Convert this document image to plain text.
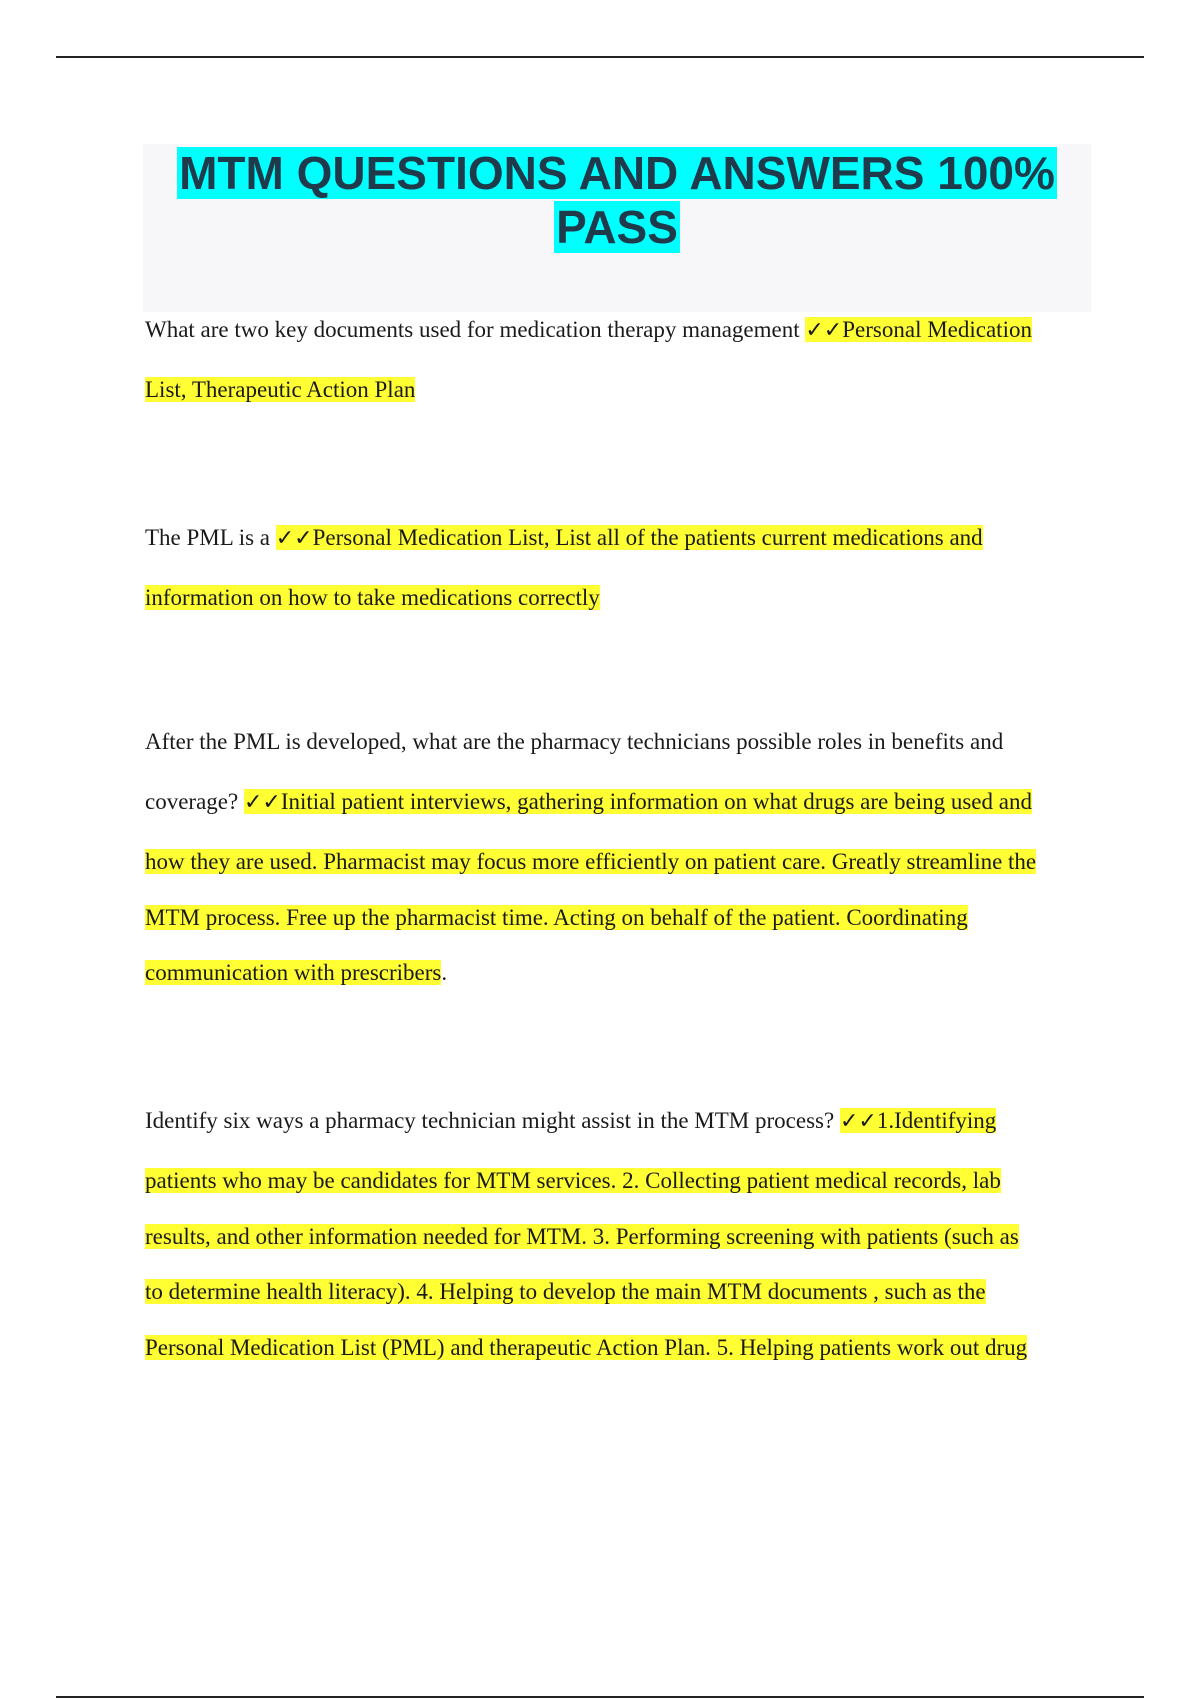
MTM QUESTIONS AND ANSWERS 100%
PASS
What are two key documents used for medication therapy management ✓✓Personal Medication
List, Therapeutic Action Plan
The PML is a ✓✓Personal Medication List, List all of the patients current medications and
information on how to take medications correctly
After the PML is developed, what are the pharmacy technicians possible roles in benefits and
coverage? ✓✓Initial patient interviews, gathering information on what drugs are being used and
how they are used. Pharmacist may focus more efficiently on patient care. Greatly streamline the
MTM process. Free up the pharmacist time. Acting on behalf of the patient. Coordinating
communication with prescribers.
Identify six ways a pharmacy technician might assist in the MTM process? ✓✓1.Identifying
patients who may be candidates for MTM services. 2. Collecting patient medical records, lab
results, and other information needed for MTM. 3. Performing screening with patients (such as
to determine health literacy). 4. Helping to develop the main MTM documents , such as the
Personal Medication List (PML) and therapeutic Action Plan. 5. Helping patients work out drug
